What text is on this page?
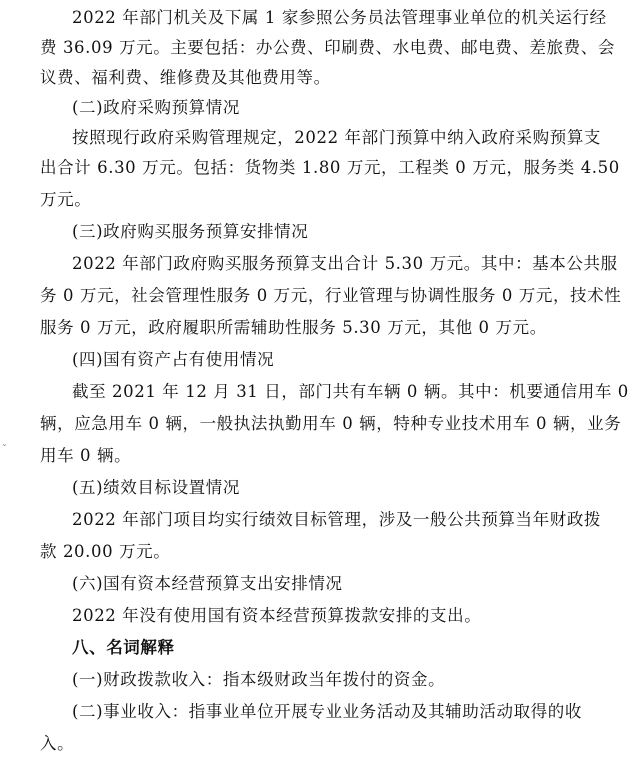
2022 年部门机关及下属 1 家参照公务员法管理事业单位的机关运行经
费 36.09 万元。主要包括：办公费、印刷费、水电费、邮电费、差旅费、会
议费、福利费、维修费及其他费用等。
(二)政府采购预算情况
按照现行政府采购管理规定，2022 年部门预算中纳入政府采购预算支
出合计 6.30 万元。包括：货物类 1.80 万元，工程类 0 万元，服务类 4.50
万元。
(三)政府购买服务预算安排情况
2022 年部门政府购买服务预算支出合计 5.30 万元。其中：基本公共服
务 0 万元，社会管理性服务 0 万元，行业管理与协调性服务 0 万元，技术性
服务 0 万元，政府履职所需辅助性服务 5.30 万元，其他 0 万元。
(四)国有资产占有使用情况
截至 2021 年 12 月 31 日，部门共有车辆 0 辆。其中：机要通信用车 0
辆，应急用车 0 辆，一般执法执勤用车 0 辆，特种专业技术用车 0 辆，业务
用车 0 辆。
(五)绩效目标设置情况
2022 年部门项目均实行绩效目标管理，涉及一般公共预算当年财政拨
款 20.00 万元。
(六)国有资本经营预算支出安排情况
2022 年没有使用国有资本经营预算拨款安排的支出。
八、名词解释
(一)财政拨款收入：指本级财政当年拨付的资金。
(二)事业收入：指事业单位开展专业业务活动及其辅助活动取得的收
入。
ˇ
